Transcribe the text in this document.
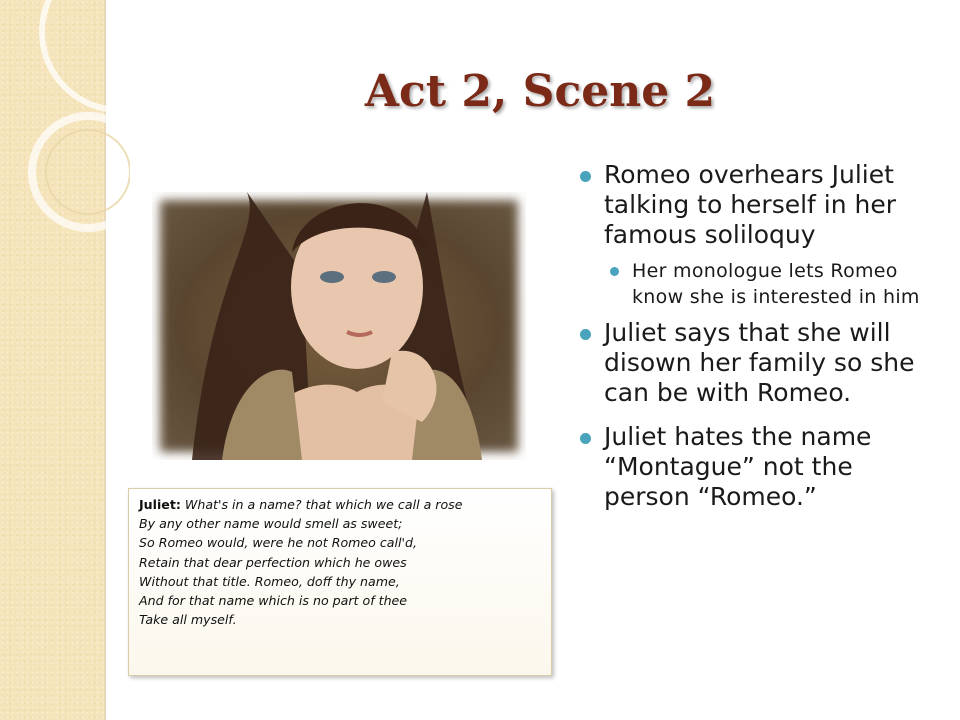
Act 2, Scene 2
Juliet: What's in a name? that which we call a rose
By any other name would smell as sweet;
So Romeo would, were he not Romeo call'd,
Retain that dear perfection which he owes
Without that title. Romeo, doff thy name,
And for that name which is no part of thee
Take all myself.
Romeo overhears Juliet talking to herself in her famous soliloquy
Her monologue lets Romeo know she is interested in him
Juliet says that she will disown her family so she can be with Romeo.
Juliet hates the name “Montague” not the person “Romeo.”
